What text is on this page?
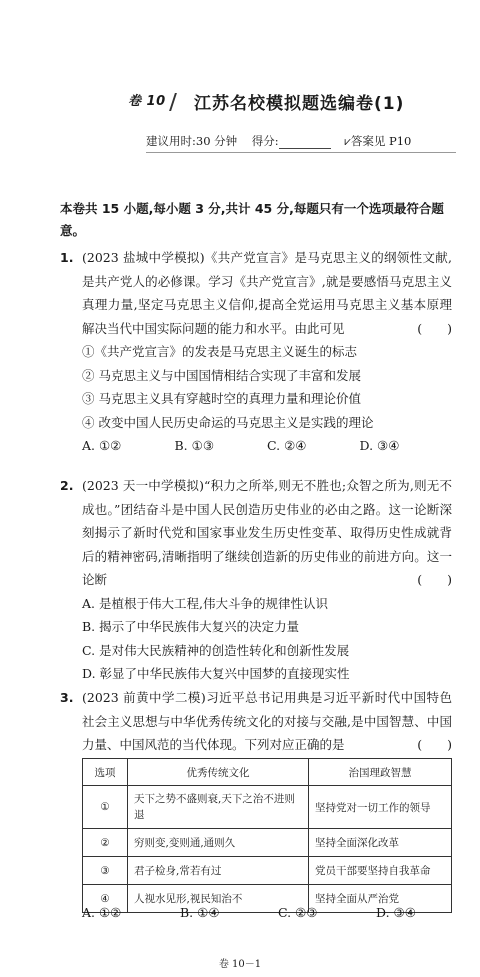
卷 10	江苏名校模拟题选编卷(1)
建议用时:30 分钟 得分:	⩗答案见 P10
本卷共 15 小题,每小题 3 分,共计 45 分,每题只有一个选项最符合题意。
1. (2023 盐城中学模拟)《共产党宣言》是马克思主义的纲领性文献,是共产党人的必修课。学习《共产党宣言》,就是要感悟马克思主义真理力量,坚定马克思主义信仰,提高全党运用马克思主义基本原理解决当代中国实际问题的能力和水平。由此可见	(　　)
①《共产党宣言》的发表是马克思主义诞生的标志
② 马克思主义与中国国情相结合实现了丰富和发展
③ 马克思主义具有穿越时空的真理力量和理论价值
④ 改变中国人民历史命运的马克思主义是实践的理论
A. ①②	B. ①③	C. ②④	D. ③④
2. (2023 天一中学模拟)“积力之所举,则无不胜也;众智之所为,则无不成也。”团结奋斗是中国人民创造历史伟业的必由之路。这一论断深刻揭示了新时代党和国家事业发生历史性变革、取得历史性成就背后的精神密码,清晰指明了继续创造新的历史伟业的前进方向。这一论断	(　　)
A. 是植根于伟大工程,伟大斗争的规律性认识
B. 揭示了中华民族伟大复兴的决定力量
C. 是对伟大民族精神的创造性转化和创新性发展
D. 彰显了中华民族伟大复兴中国梦的直接现实性
3. (2023 前黄中学二模)习近平总书记用典是习近平新时代中国特色社会主义思想与中华优秀传统文化的对接与交融,是中国智慧、中国力量、中国风范的当代体现。下列对应正确的是	(　　)
选项	优秀传统文化	治国理政智慧
①	天下之势不盛则衰,天下之治不进则退	坚持党对一切工作的领导
②	穷则变,变则通,通则久	坚持全面深化改革
③	君子检身,常若有过	党员干部要坚持自我革命
④	人视水见形,视民知治不	坚持全面从严治党
A. ①②	B. ①④	C. ②③	D. ③④
卷 10－1
